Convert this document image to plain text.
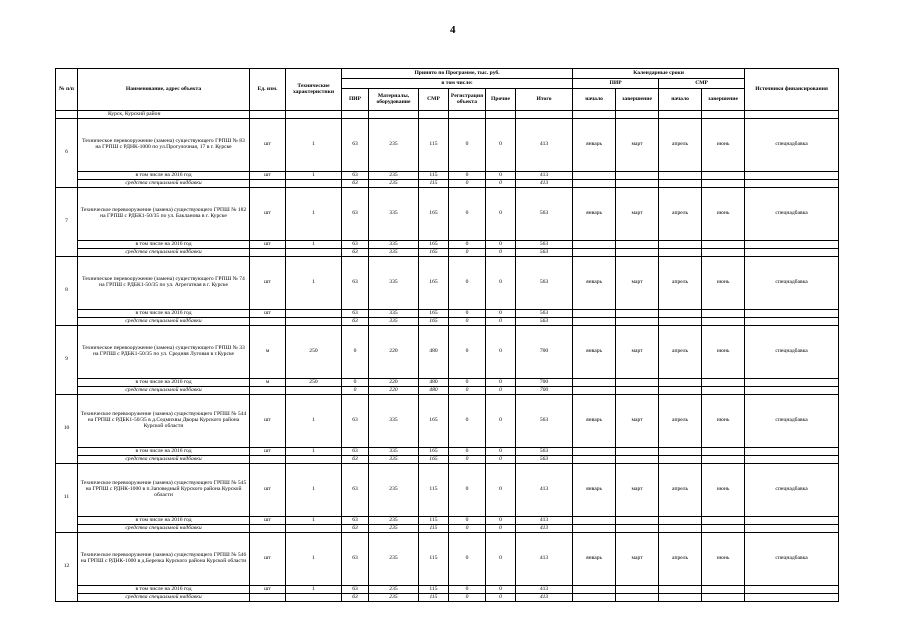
4
№ п/п	Наименование, адрес объекта	Ед. изм.	Технические характеристики	Принято по Программе, тыс. руб.						Календарные сроки				Источники финансирования
				в том числе:						ПИР		СМР		
				ПИР	Материалы, оборудование	СМР	Регистрация объекта	Прочие	Итого	начало	завершение	начало	завершение	
	Курск, Курский район													
6	Техническое перевооружение (замена) существующего ГРПШ № 83 на ГРПШ с РДНК-1000 по ул.Прогулочная, 17 в г. Курске	шт	1	63	235	115	0	0	413	январь	март	апрель	июнь	спецнадбавка
	в том числе на 2016 год	шт	1	63	235	115	0	0	413					
	средства специальной надбавки			63	235	115	0	0	413					
7	Техническое перевооружение (замена) существующего ГРПШ № 182 на ГРПШ с РДБК1-50/35 по ул. Бакланова в г. Курске	шт	1	63	335	165	0	0	563	январь	март	апрель	июнь	спецнадбавка
	в том числе на 2016 год	шт	1	63	335	165	0	0	563					
	средства специальной надбавки			63	335	165	0	0	563					
8	Техническое перевооружение (замена) существующего ГРПШ № 74 на ГРПШ с РДБК1-50/35 по ул. Агрегатная в г. Курске	шт	1	63	335	165	0	0	563	январь	март	апрель	июнь	спецнадбавка
	в том числе на 2016 год	шт		63	335	165	0	0	563					
	средства специальной надбавки			63	335	165	0	0	563					
9	Техническое перевооружение (замена) существующего ГРПШ № 33 на ГРПШ с РДБК1-50/35 по ул. Средняя Луговая в г.Курске	м	250	0	220	480	0	0	700	январь	март	апрель	июнь	спецнадбавка
	в том числе на 2016 год	м	250	0	220	480	0	0	700					
	средства специальной надбавки			0	220	480	0	0	700					
10	Техническое перевооружение (замена) существующего ГРПШ № 544 на ГРПШ с РДБК1-50/35 в д.Седмихвы Дворы Курского района Курской области	шт	1	63	335	165	0	0	563	январь	март	апрель	июнь	спецнадбавка
	в том числе на 2016 год	шт	1	63	335	165	0	0	563					
	средства специальной надбавки			63	335	165	0	0	563					
11	Техническое перевооружение (замена) существующего ГРПШ № 545 на ГРПШ с РДНК-1000 в п.Заповедный Курского района Курской области	шт	1	63	235	115	0	0	413	январь	март	апрель	июнь	спецнадбавка
	в том числе на 2016 год	шт	1	63	235	115	0	0	413					
	средства специальной надбавки			63	235	115	0	0	413					
12	Техническое перевооружение (замена) существующего ГРПШ № 546 на ГРПШ с РДНК-1000 в д.Березка Курского района Курской области	шт	1	63	235	115	0	0	413	январь	март	апрель	июнь	спецнадбавка
	в том числе на 2016 год	шт	1	63	235	115	0	0	413					
	средства специальной надбавки			63	235	115	0	0	413					
